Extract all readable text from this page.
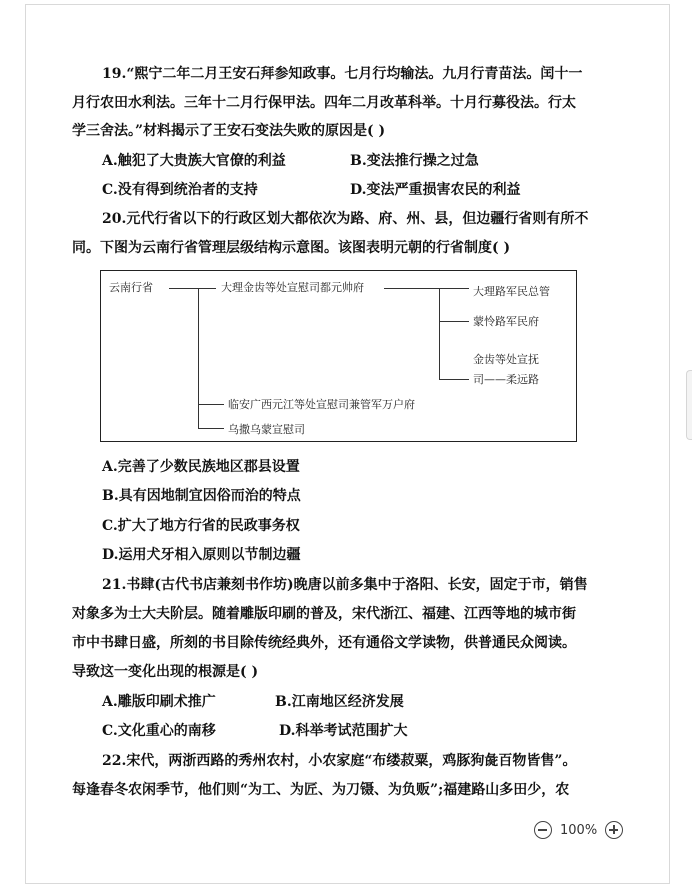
19.“熙宁二年二月王安石拜参知政事。七月行均输法。九月行青苗法。闰十一
月行农田水利法。三年十二月行保甲法。四年二月改革科举。十月行募役法。行太
学三舍法。”材料揭示了王安石变法失败的原因是( )
A.触犯了大贵族大官僚的利益	B.变法推行操之过急
C.没有得到统治者的支持	D.变法严重损害农民的利益
20.元代行省以下的行政区划大都依次为路、府、州、县，但边疆行省则有所不
同。下图为云南行省管理层级结构示意图。该图表明元朝的行省制度( )
A.完善了少数民族地区郡县设置
B.具有因地制宜因俗而治的特点
C.扩大了地方行省的民政事务权
D.运用犬牙相入原则以节制边疆
21.书肆(古代书店兼刻书作坊)晚唐以前多集中于洛阳、长安，固定于市，销售
对象多为士大夫阶层。随着雕版印刷的普及，宋代浙江、福建、江西等地的城市街
市中书肆日盛，所刻的书目除传统经典外，还有通俗文学读物，供普通民众阅读。
导致这一变化出现的根源是( )
A.雕版印刷术推广	B.江南地区经济发展
C.文化重心的南移	D.科举考试范围扩大
22.宋代，两浙西路的秀州农村，小农家庭“布缕菽粟，鸡豚狗彘百物皆售”。
每逢春冬农闲季节，他们则“为工、为匠、为刀镊、为负贩”;福建路山多田少，农
云南行省	大理金齿等处宣慰司都元帅府	大理路军民总管
蒙怜路军民府
金齿等处宣抚
司——柔远路
临安广西元江等处宣慰司兼管军万户府
乌撒乌蒙宣慰司
100%
